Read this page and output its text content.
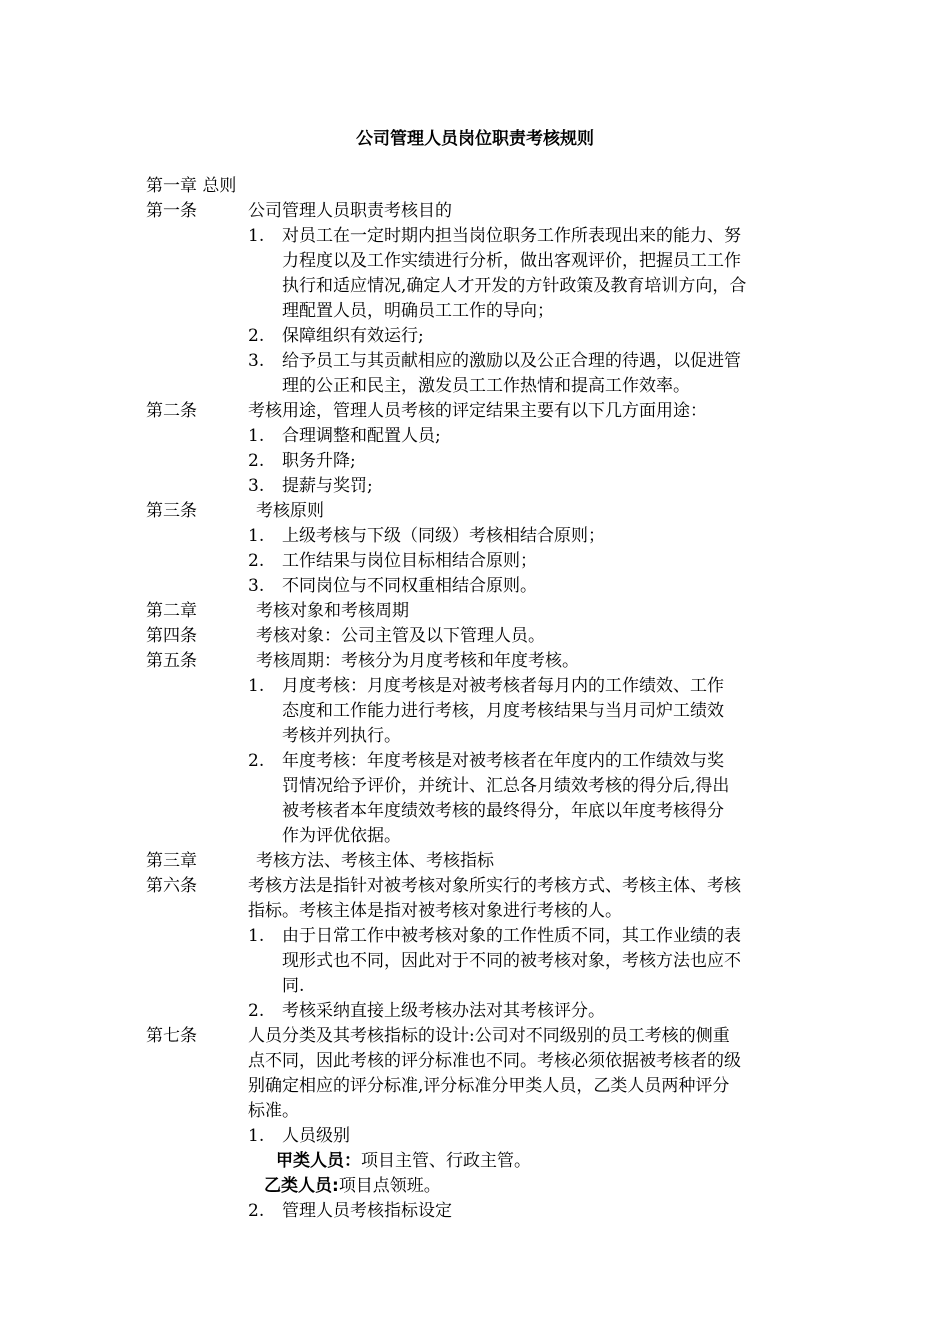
公司管理人员岗位职责考核规则
第一章 总则
第一条	公司管理人员职责考核目的
1. 对员工在一定时期内担当岗位职务工作所表现出来的能力、努
力程度以及工作实绩进行分析，做出客观评价，把握员工工作
执行和适应情况,确定人才开发的方针政策及教育培训方向，合
理配置人员，明确员工工作的导向；
2. 保障组织有效运行;
3. 给予员工与其贡献相应的激励以及公正合理的待遇，以促进管
理的公正和民主，激发员工工作热情和提高工作效率。
第二条	考核用途，管理人员考核的评定结果主要有以下几方面用途：
1. 合理调整和配置人员;
2. 职务升降;
3. 提薪与奖罚;
第三条	考核原则
1. 上级考核与下级（同级）考核相结合原则；
2. 工作结果与岗位目标相结合原则；
3. 不同岗位与不同权重相结合原则。
第二章	考核对象和考核周期
第四条	考核对象：公司主管及以下管理人员。
第五条	考核周期：考核分为月度考核和年度考核。
1. 月度考核：月度考核是对被考核者每月内的工作绩效、工作
态度和工作能力进行考核，月度考核结果与当月司炉工绩效
考核并列执行。
2. 年度考核：年度考核是对被考核者在年度内的工作绩效与奖
罚情况给予评价，并统计、汇总各月绩效考核的得分后,得出
被考核者本年度绩效考核的最终得分，年底以年度考核得分
作为评优依据。
第三章	考核方法、考核主体、考核指标
第六条	考核方法是指针对被考核对象所实行的考核方式、考核主体、考核
指标。考核主体是指对被考核对象进行考核的人。
1. 由于日常工作中被考核对象的工作性质不同，其工作业绩的表
现形式也不同，因此对于不同的被考核对象，考核方法也应不
同.
2. 考核采纳直接上级考核办法对其考核评分。
第七条	人员分类及其考核指标的设计:公司对不同级别的员工考核的侧重
点不同，因此考核的评分标准也不同。考核必须依据被考核者的级
别确定相应的评分标准,评分标准分甲类人员，乙类人员两种评分
标准。
1. 人员级别
甲类人员：项目主管、行政主管。
乙类人员:项目点领班。
2. 管理人员考核指标设定
